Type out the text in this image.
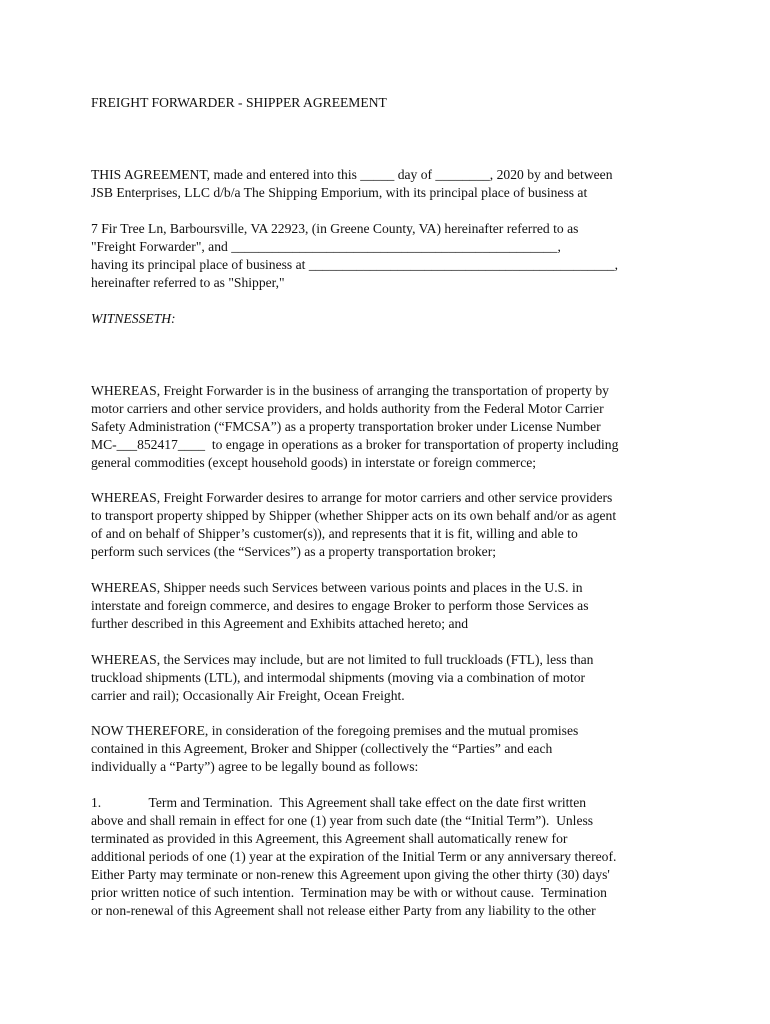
FREIGHT FORWARDER - SHIPPER AGREEMENT

THIS AGREEMENT, made and entered into this _____ day of ________, 2020 by and between

JSB Enterprises, LLC d/b/a The Shipping Emporium, with its principal place of business at

7 Fir Tree Ln, Barboursville, VA 22923, (in Greene County, VA) hereinafter referred to as

"Freight Forwarder", and ________________________________________________,

having its principal place of business at _____________________________________________,

hereinafter referred to as "Shipper,"

WITNESSETH:

WHEREAS, Freight Forwarder is in the business of arranging the transportation of property by

motor carriers and other service providers, and holds authority from the Federal Motor Carrier

Safety Administration (“FMCSA”) as a property transportation broker under License Number

MC-___852417____  to engage in operations as a broker for transportation of property including

general commodities (except household goods) in interstate or foreign commerce;

WHEREAS, Freight Forwarder desires to arrange for motor carriers and other service providers

to transport property shipped by Shipper (whether Shipper acts on its own behalf and/or as agent

of and on behalf of Shipper’s customer(s)), and represents that it is fit, willing and able to

perform such services (the “Services”) as a property transportation broker;

WHEREAS, Shipper needs such Services between various points and places in the U.S. in

interstate and foreign commerce, and desires to engage Broker to perform those Services as

further described in this Agreement and Exhibits attached hereto; and

WHEREAS, the Services may include, but are not limited to full truckloads (FTL), less than

truckload shipments (LTL), and intermodal shipments (moving via a combination of motor

carrier and rail); Occasionally Air Freight, Ocean Freight.

NOW THEREFORE, in consideration of the foregoing premises and the mutual promises

contained in this Agreement, Broker and Shipper (collectively the “Parties” and each

individually a “Party”) agree to be legally bound as follows:

1.              Term and Termination.  This Agreement shall take effect on the date first written

above and shall remain in effect for one (1) year from such date (the “Initial Term”).  Unless

terminated as provided in this Agreement, this Agreement shall automatically renew for

additional periods of one (1) year at the expiration of the Initial Term or any anniversary thereof.

Either Party may terminate or non-renew this Agreement upon giving the other thirty (30) days'

prior written notice of such intention.  Termination may be with or without cause.  Termination

or non-renewal of this Agreement shall not release either Party from any liability to the other
